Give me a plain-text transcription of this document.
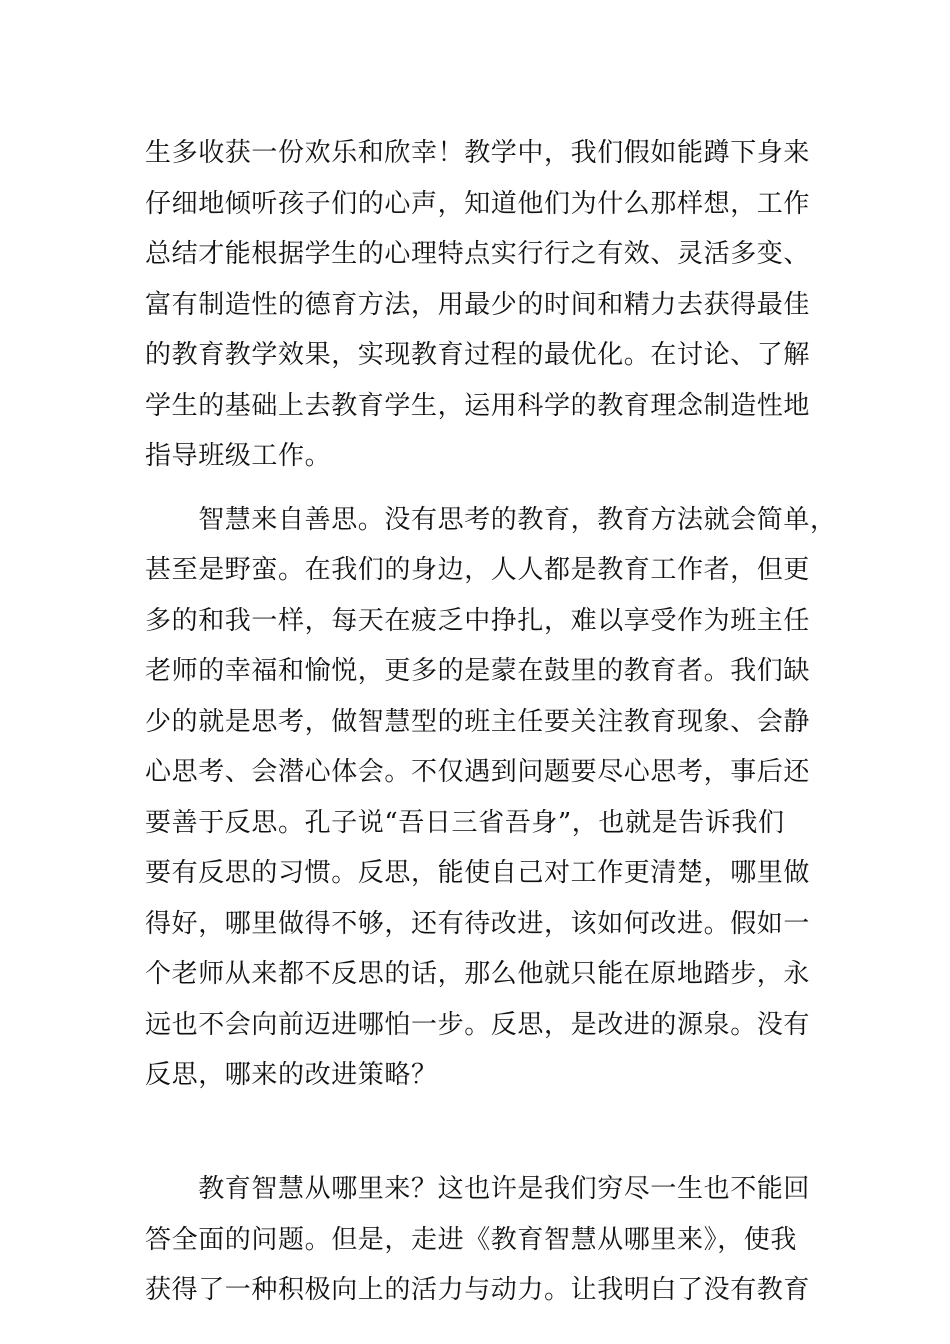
生多收获一份欢乐和欣幸！教学中，我们假如能蹲下身来
仔细地倾听孩子们的心声，知道他们为什么那样想，工作
总结才能根据学生的心理特点实行行之有效、灵活多变、
富有制造性的德育方法，用最少的时间和精力去获得最佳
的教育教学效果，实现教育过程的最优化。在讨论、了解
学生的基础上去教育学生，运用科学的教育理念制造性地
指导班级工作。
　　智慧来自善思。没有思考的教育，教育方法就会简单，
甚至是野蛮。在我们的身边，人人都是教育工作者，但更
多的和我一样，每天在疲乏中挣扎，难以享受作为班主任
老师的幸福和愉悦，更多的是蒙在鼓里的教育者。我们缺
少的就是思考，做智慧型的班主任要关注教育现象、会静
心思考、会潜心体会。不仅遇到问题要尽心思考，事后还
要善于反思。孔子说“吾日三省吾身”，也就是告诉我们
要有反思的习惯。反思，能使自己对工作更清楚，哪里做
得好，哪里做得不够，还有待改进，该如何改进。假如一
个老师从来都不反思的话，那么他就只能在原地踏步，永
远也不会向前迈进哪怕一步。反思，是改进的源泉。没有
反思，哪来的改进策略？
　　教育智慧从哪里来？这也许是我们穷尽一生也不能回
答全面的问题。但是，走进《教育智慧从哪里来》，使我
获得了一种积极向上的活力与动力。让我明白了没有教育
